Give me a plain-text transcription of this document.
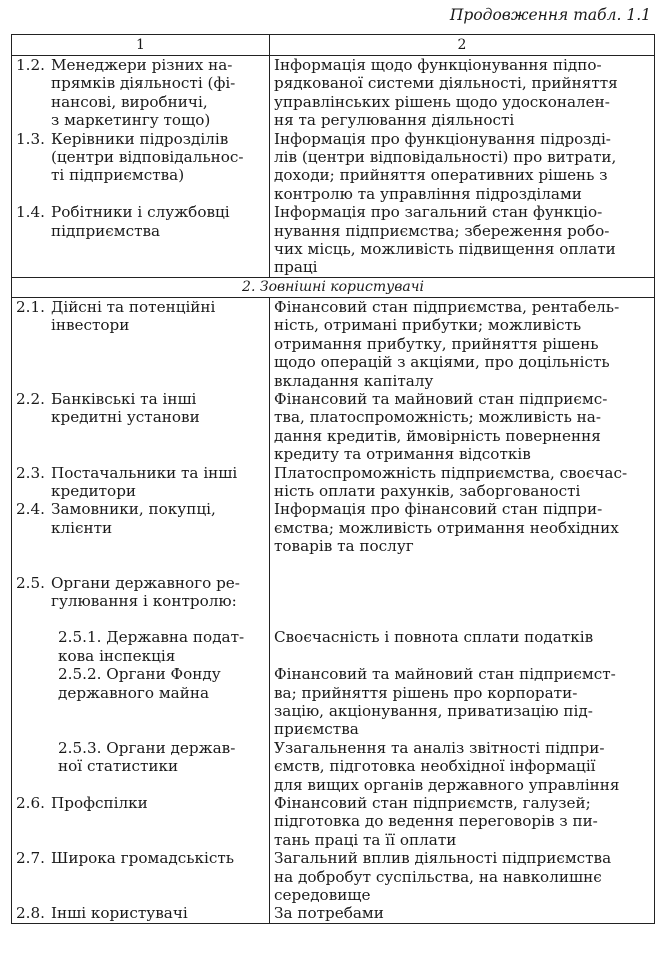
Продовження табл. 1.1
1	2

1.2. Менеджери різних на-
прямків діяльності (фі-
нансові, виробничі,
з маркетингу тощо)	Інформація щодо функціонування підпо-
рядкованої системи діяльності, прийняття
управлінських рішень щодо удосконален-
ня та регулювання діяльності

1.3. Керівники підрозділів
(центри відповідальнос-
ті підприємства)	Інформація про функціонування підрозді-
лів (центри відповідальності) про витрати,
доходи; прийняття оперативних рішень з
контролю та управління підрозділами

1.4. Робітники і службовці
підприємства	Інформація про загальний стан функціо-
нування підприємства; збереження робо-
чих місць, можливість підвищення оплати
праці

2. Зовнішні користувачі	

2.1. Дійсні та потенційні
інвестори	Фінансовий стан підприємства, рентабель-
ність, отримані прибутки; можливість
отримання прибутку, прийняття рішень
щодо операцій з акціями, про доцільність
вкладання капіталу

2.2. Банківські та інші
кредитні установи	Фінансовий та майновий стан підприємс-
тва, платоспроможність; можливість на-
дання кредитів, ймовірність повернення
кредиту та отримання відсотків

2.3. Постачальники та інші
кредитори	Платоспроможність підприємства, своєчас-
ність оплати рахунків, заборгованості

2.4. Замовники, покупці,
клієнти	Інформація про фінансовий стан підпри-
ємства; можливість отримання необхідних
товарів та послуг

2.5. Органи державного ре-
гулювання і контролю:	

2.5.1. Державна подат-
кова інспекція	Своєчасність і повнота сплати податків

2.5.2. Органи Фонду
державного майна	Фінансовий та майновий стан підприємст-
ва; прийняття рішень про корпорати-
зацію, акціонування, приватизацію під-
приємства

2.5.3. Органи держав-
ної статистики	Узагальнення та аналіз звітності підпри-
ємств, підготовка необхідної інформації
для вищих органів державного управління

2.6. Профспілки	Фінансовий стан підприємств, галузей;
підготовка до ведення переговорів з пи-
тань праці та її оплати

2.7. Широка громадськість	Загальний вплив діяльності підприємства
на добробут суспільства, на навколишнє
середовище

2.8. Інші користувачі	За потребами
